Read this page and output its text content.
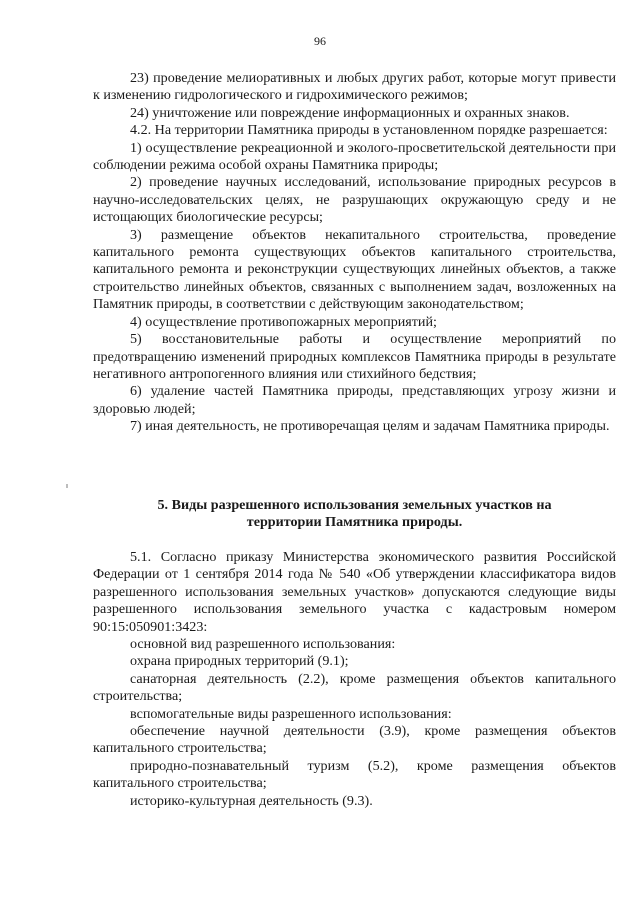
96

23) проведение мелиоративных и любых других работ, которые могут привести к изменению гидрологического и гидрохимического режимов;

24) уничтожение или повреждение информационных и охранных знаков.

4.2. На территории Памятника природы в установленном порядке разрешается:

1) осуществление рекреационной и эколого-просветительской деятельности при соблюдении режима особой охраны Памятника природы;

2) проведение научных исследований, использование природных ресурсов в научно-исследовательских целях, не разрушающих окружающую среду и не истощающих биологические ресурсы;

3) размещение объектов некапитального строительства, проведение капитального ремонта существующих объектов капитального строительства, капитального ремонта и реконструкции существующих линейных объектов, а также строительство линейных объектов, связанных с выполнением задач, возложенных на Памятник природы, в соответствии с действующим законодательством;

4) осуществление противопожарных мероприятий;

5) восстановительные работы и осуществление мероприятий по предотвращению изменений природных комплексов Памятника природы в результате негативного антропогенного влияния или стихийного бедствия;

6) удаление частей Памятника природы, представляющих угрозу жизни и здоровью людей;

7) иная деятельность, не противоречащая целям и задачам Памятника природы.

5. Виды разрешенного использования земельных участков на
территории Памятника природы.

5.1. Согласно приказу Министерства экономического развития Российской Федерации от 1 сентября 2014 года № 540 «Об утверждении классификатора видов разрешенного использования земельных участков» допускаются следующие виды разрешенного использования земельного участка с кадастровым номером 90:15:050901:3423:

основной вид разрешенного использования:

охрана природных территорий (9.1);

санаторная деятельность (2.2), кроме размещения объектов капитального строительства;

вспомогательные виды разрешенного использования:

обеспечение научной деятельности (3.9), кроме размещения объектов капитального строительства;

природно-познавательный туризм (5.2), кроме размещения объектов капитального строительства;

историко-культурная деятельность (9.3).
